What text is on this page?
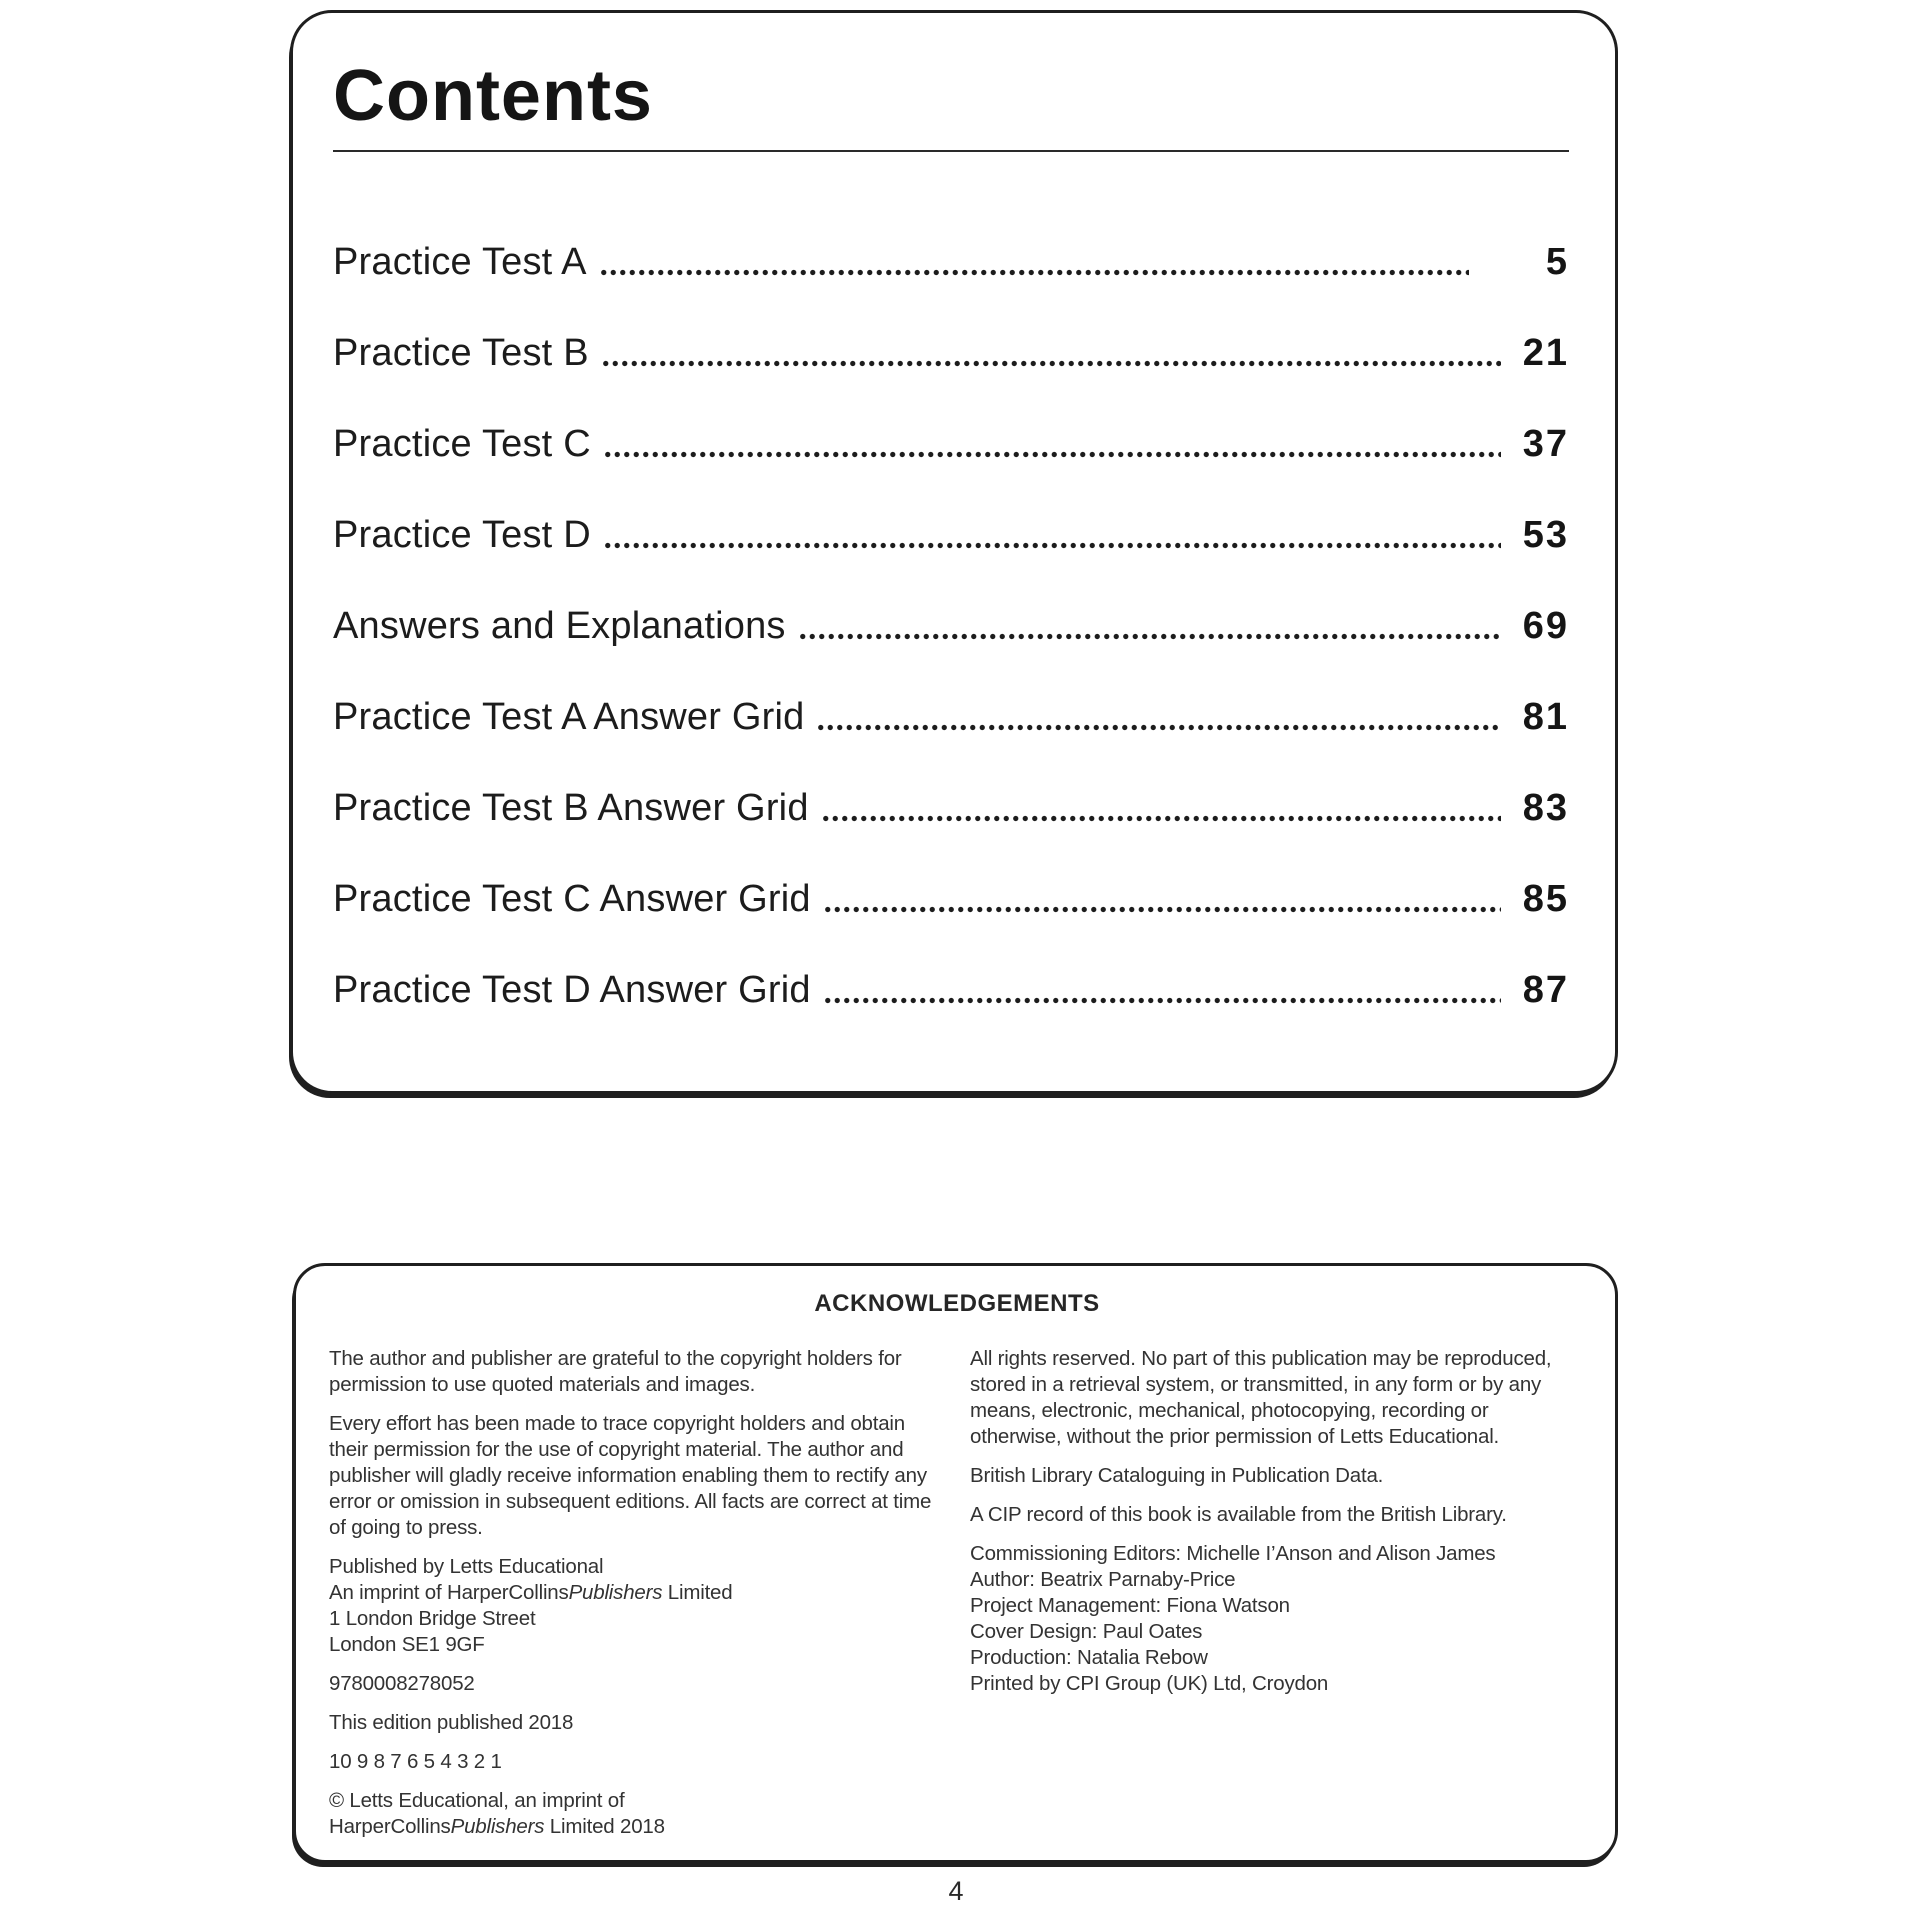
Contents
Practice Test A	5
Practice Test B	21
Practice Test C	37
Practice Test D	53
Answers and Explanations	69
Practice Test A Answer Grid	81
Practice Test B Answer Grid	83
Practice Test C Answer Grid	85
Practice Test D Answer Grid	87
ACKNOWLEDGEMENTS

The author and publisher are grateful to the copyright holders for permission to use quoted materials and images.

Every effort has been made to trace copyright holders and obtain their permission for the use of copyright material. The author and publisher will gladly receive information enabling them to rectify any error or omission in subsequent editions. All facts are correct at time of going to press.

Published by Letts Educational
An imprint of HarperCollinsPublishers Limited
1 London Bridge Street
London SE1 9GF

9780008278052

This edition published 2018

10 9 8 7 6 5 4 3 2 1

© Letts Educational, an imprint of
HarperCollinsPublishers Limited 2018

All rights reserved. No part of this publication may be reproduced, stored in a retrieval system, or transmitted, in any form or by any means, electronic, mechanical, photocopying, recording or otherwise, without the prior permission of Letts Educational.

British Library Cataloguing in Publication Data.

A CIP record of this book is available from the British Library.

Commissioning Editors: Michelle I’Anson and Alison James
Author: Beatrix Parnaby-Price
Project Management: Fiona Watson
Cover Design: Paul Oates
Production: Natalia Rebow
Printed by CPI Group (UK) Ltd, Croydon
4
